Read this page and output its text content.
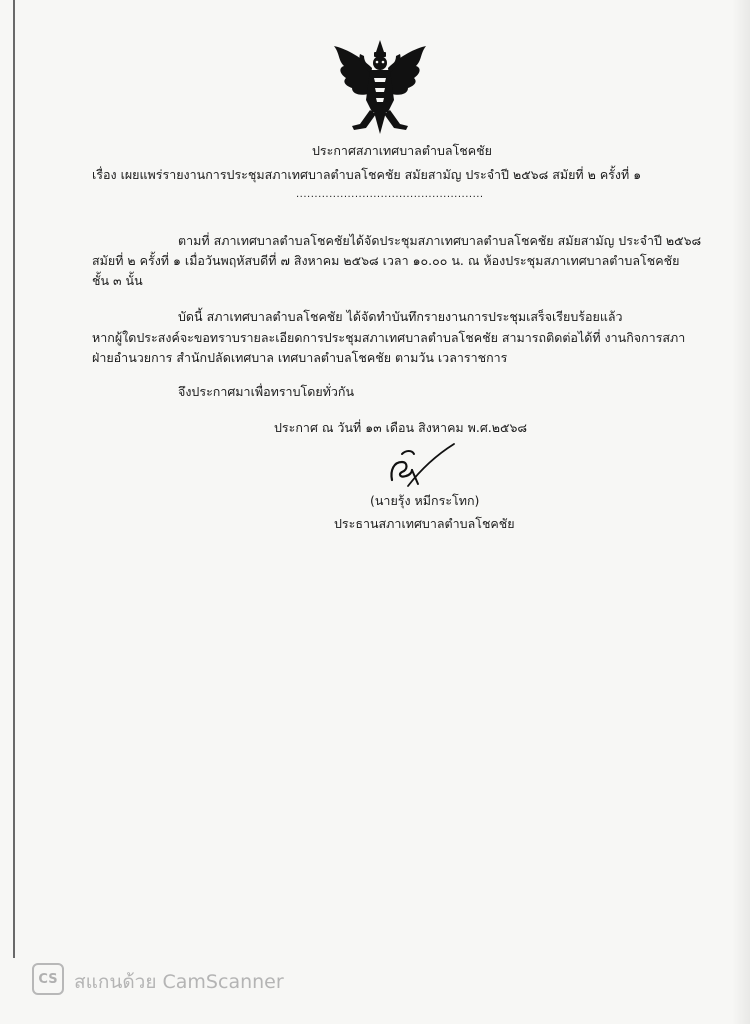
ประกาศสภาเทศบาลตำบลโชคชัย
เรื่อง เผยแพร่รายงานการประชุมสภาเทศบาลตำบลโชคชัย สมัยสามัญ ประจำปี ๒๕๖๘ สมัยที่ ๒ ครั้งที่ ๑
...................................................
ตามที่ สภาเทศบาลตำบลโชคชัยได้จัดประชุมสภาเทศบาลตำบลโชคชัย สมัยสามัญ ประจำปี ๒๕๖๘
สมัยที่ ๒ ครั้งที่ ๑ เมื่อวันพฤหัสบดีที่ ๗ สิงหาคม ๒๕๖๘ เวลา ๑๐.๐๐ น. ณ ห้องประชุมสภาเทศบาลตำบลโชคชัย
ชั้น ๓ นั้น
บัดนี้ สภาเทศบาลตำบลโชคชัย ได้จัดทำบันทึกรายงานการประชุมเสร็จเรียบร้อยแล้ว
หากผู้ใดประสงค์จะขอทราบรายละเอียดการประชุมสภาเทศบาลตำบลโชคชัย สามารถติดต่อได้ที่ งานกิจการสภา
ฝ่ายอำนวยการ สำนักปลัดเทศบาล เทศบาลตำบลโชคชัย ตามวัน เวลาราชการ
จึงประกาศมาเพื่อทราบโดยทั่วกัน
ประกาศ ณ วันที่ ๑๓ เดือน สิงหาคม พ.ศ.๒๕๖๘
(นายรุ้ง หมีกระโทก)
ประธานสภาเทศบาลตำบลโชคชัย
CS สแกนด้วย CamScanner
